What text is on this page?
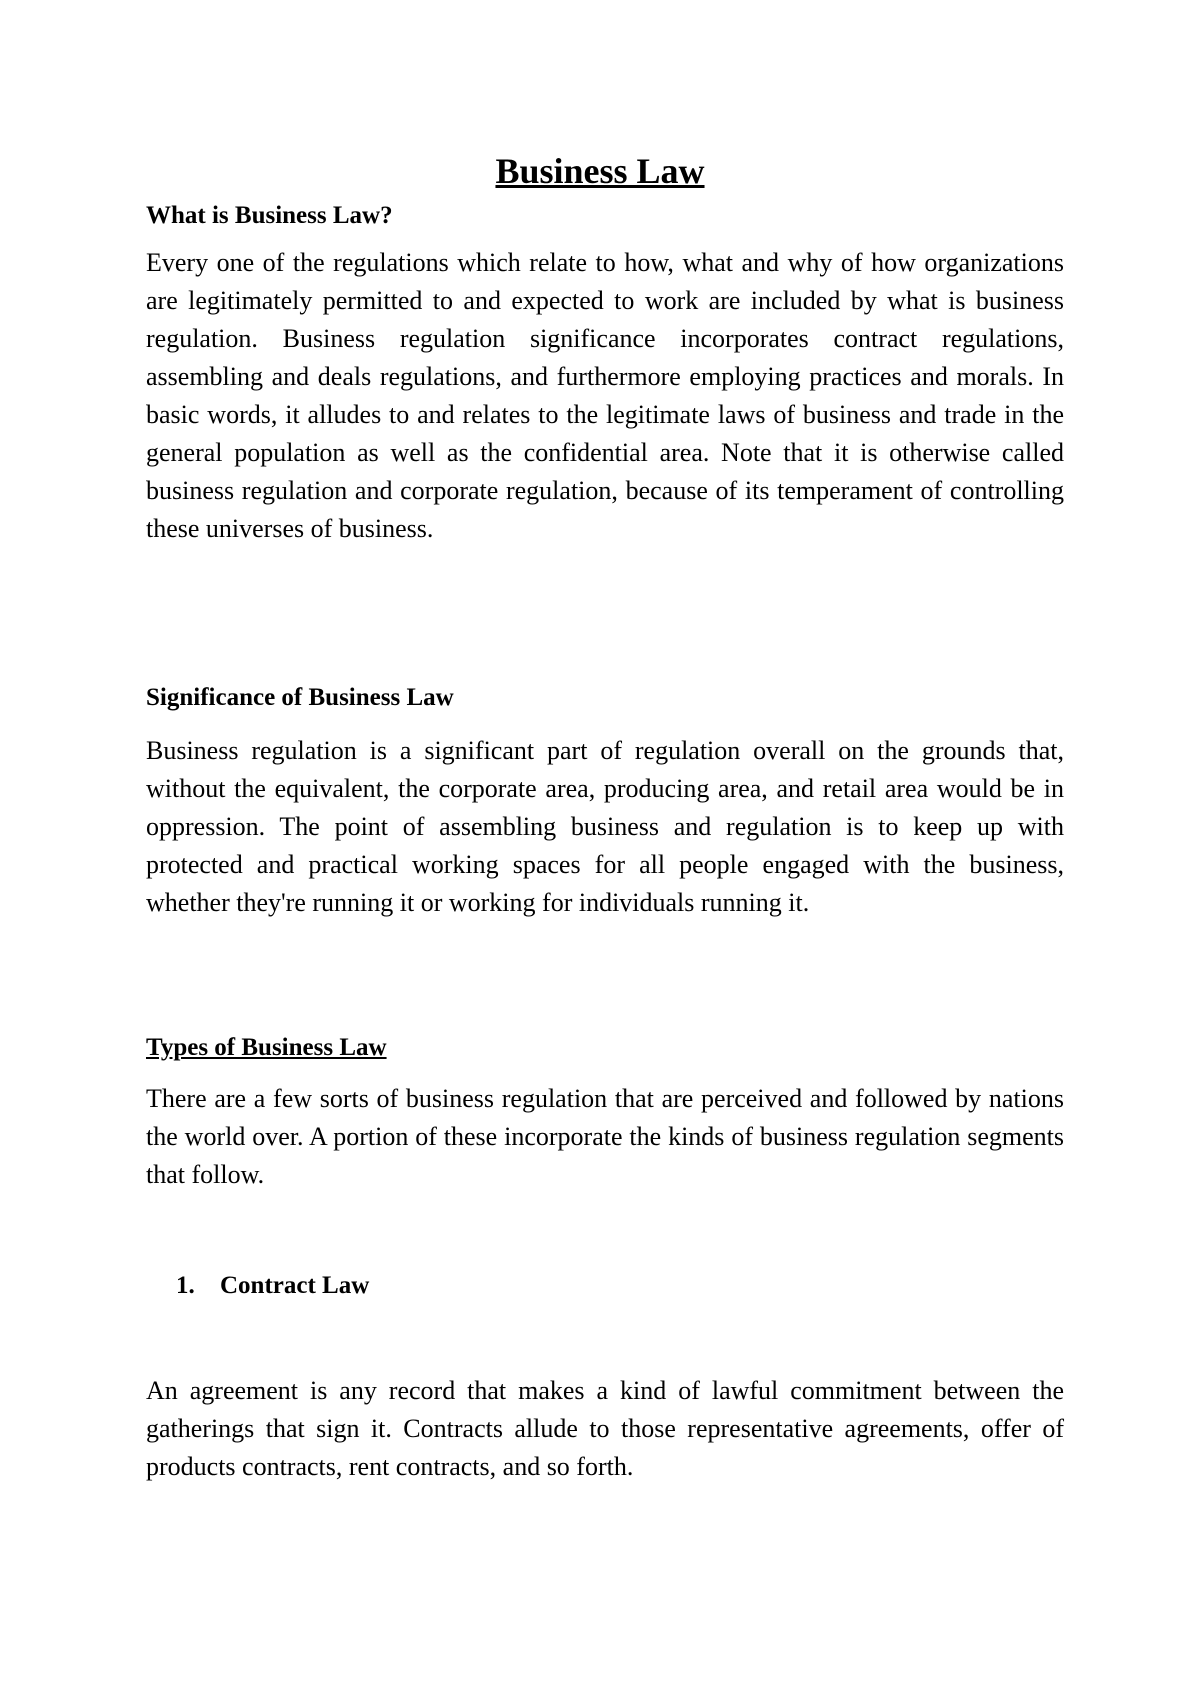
Business Law
What is Business Law?

Every one of the regulations which relate to how, what and why of how organizations are legitimately permitted to and expected to work are included by what is business regulation. Business regulation significance incorporates contract regulations, assembling and deals regulations, and furthermore employing practices and morals. In basic words, it alludes to and relates to the legitimate laws of business and trade in the general population as well as the confidential area. Note that it is otherwise called business regulation and corporate regulation, because of its temperament of controlling these universes of business.

Significance of Business Law

Business regulation is a significant part of regulation overall on the grounds that, without the equivalent, the corporate area, producing area, and retail area would be in oppression. The point of assembling business and regulation is to keep up with protected and practical working spaces for all people engaged with the business, whether they're running it or working for individuals running it.

Types of Business Law

There are a few sorts of business regulation that are perceived and followed by nations the world over. A portion of these incorporate the kinds of business regulation segments that follow.

1. Contract Law

An agreement is any record that makes a kind of lawful commitment between the gatherings that sign it. Contracts allude to those representative agreements, offer of products contracts, rent contracts, and so forth.
